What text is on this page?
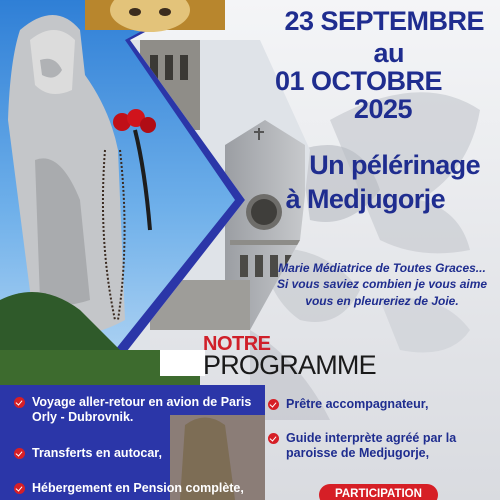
23 SEPTEMBRE
au
01 OCTOBRE
2025
Un pélérinage
à Medjugorje
Marie Médiatrice de Toutes Graces...
Si vous saviez combien je vous aime
vous en pleureriez de Joie.
NOTRE
PROGRAMME
Voyage aller-retour en avion de Paris Orly - Dubrovnik.
Transferts en autocar,
Hébergement en Pension complète,
Prêtre accompagnateur,
Guide interprète agréé par la paroisse de Medjugorje,
PARTICIPATION
